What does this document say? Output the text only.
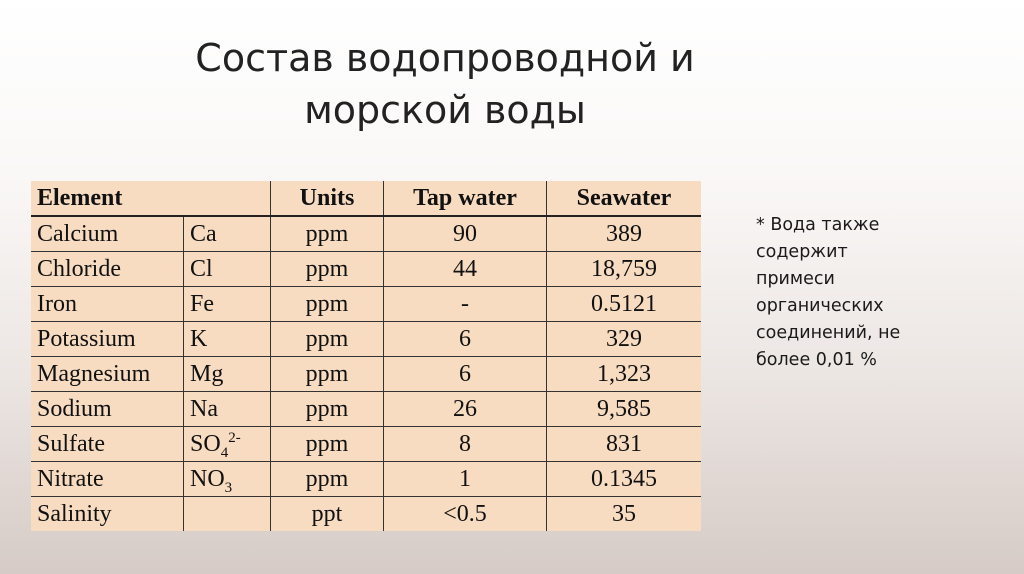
Состав водопроводной и
морской воды
Element		Units	Tap water	Seawater
Calcium	Ca	ppm	90	389
Chloride	Cl	ppm	44	18,759
Iron	Fe	ppm	-	0.5121
Potassium	K	ppm	6	329
Magnesium	Mg	ppm	6	1,323
Sodium	Na	ppm	26	9,585
Sulfate	$SO_4^{2-}$	ppm	8	831
Nitrate	$NO_3$	ppm	1	0.1345
Salinity		ppt	<0.5	35
* Вода также
содержит
примеси
органических
соединений, не
более 0,01 %
